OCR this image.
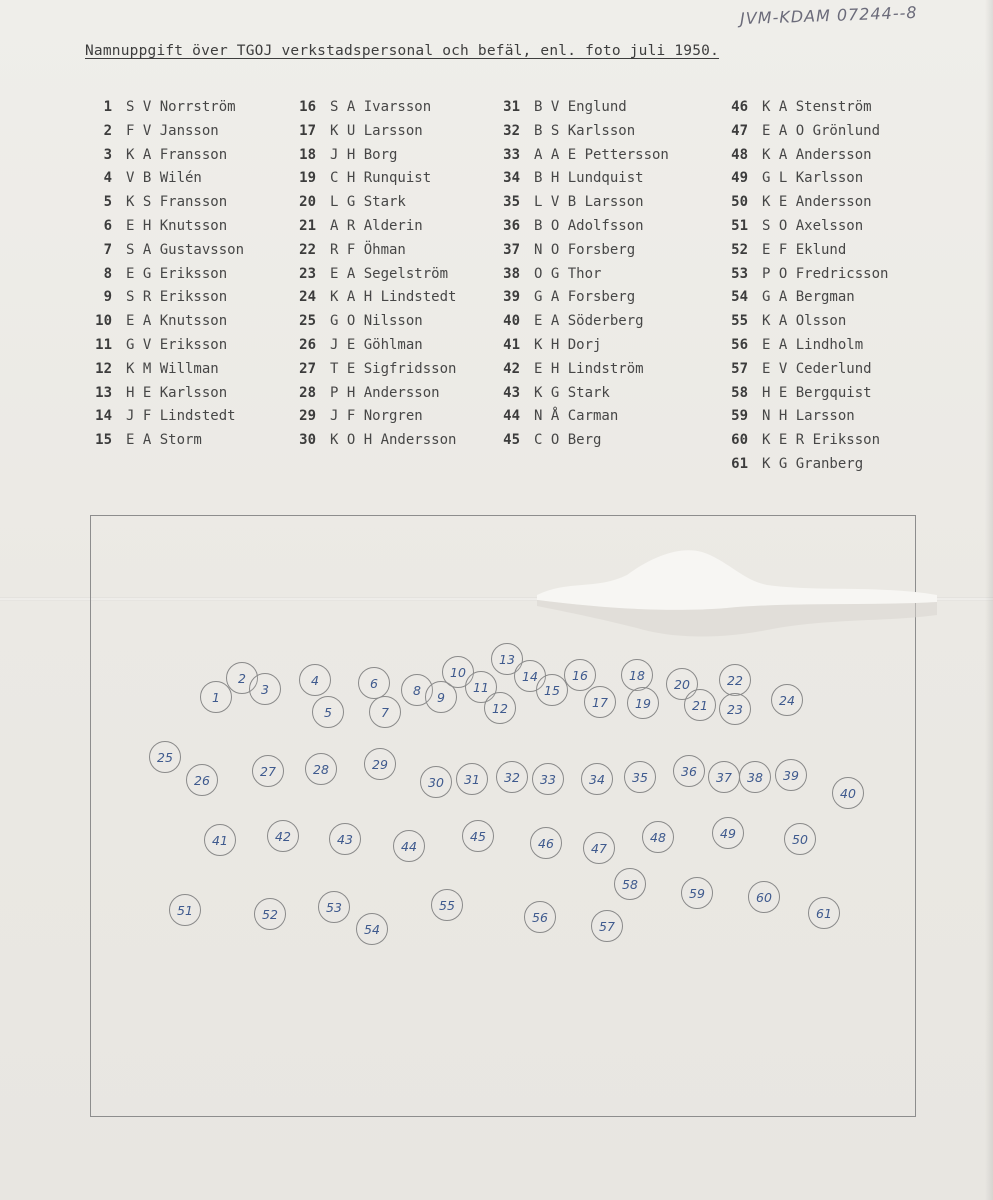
JVM-KDAM 07244--8
Namnuppgift över TGOJ verkstadspersonal och befäl, enl. foto juli 1950.
1 S V Norrström
2 F V Jansson
3 K A Fransson
4 V B Wilén
5 K S Fransson
6 E H Knutsson
7 S A Gustavsson
8 E G Eriksson
9 S R Eriksson
10 E A Knutsson
11 G V Eriksson
12 K M Willman
13 H E Karlsson
14 J F Lindstedt
15 E A Storm
16 S A Ivarsson
17 K U Larsson
18 J H Borg
19 C H Runquist
20 L G Stark
21 A R Alderin
22 R F Öhman
23 E A Segelström
24 K A H Lindstedt
25 G O Nilsson
26 J E Göhlman
27 T E Sigfridsson
28 P H Andersson
29 J F Norgren
30 K O H Andersson
31 B V Englund
32 B S Karlsson
33 A A E Pettersson
34 B H Lundquist
35 L V B Larsson
36 B O Adolfsson
37 N O Forsberg
38 O G Thor
39 G A Forsberg
40 E A Söderberg
41 K H Dorj
42 E H Lindström
43 K G Stark
44 N Å Carman
45 C O Berg
46 K A Stenström
47 E A O Grönlund
48 K A Andersson
49 G L Karlsson
50 K E Andersson
51 S O Axelsson
52 E F Eklund
53 P O Fredricsson
54 G A Bergman
55 K A Olsson
56 E A Lindholm
57 E V Cederlund
58 H E Bergquist
59 N H Larsson
60 K E R Eriksson
61 K G Granberg
1
2
3
4
5
6
7
8	9
10
11
12
13
14
15
16
17
18
19
20
21
22
23
24
25
26
27	28	29
30	31	32	33	34	35	36	37	38	39
40
41	42	43	44
45	46	47
48	49	50
51	52	53
54
55
56
57
58
59	60
61
